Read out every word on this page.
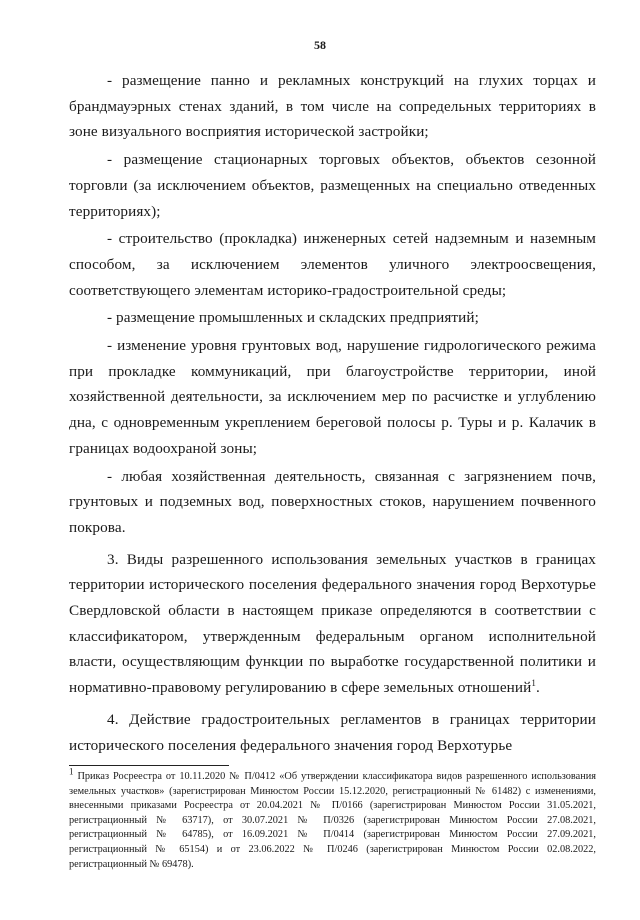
58

- размещение панно и рекламных конструкций на глухих торцах и брандмауэрных стенах зданий, в том числе на сопредельных территориях в зоне визуального восприятия исторической застройки;

- размещение стационарных торговых объектов, объектов сезонной торговли (за исключением объектов, размещенных на специально отведенных территориях);

- строительство (прокладка) инженерных сетей надземным и наземным способом, за исключением элементов уличного электроосвещения, соответствующего элементам историко-градостроительной среды;

- размещение промышленных и складских предприятий;

- изменение уровня грунтовых вод, нарушение гидрологического режима при прокладке коммуникаций, при благоустройстве территории, иной хозяйственной деятельности, за исключением мер по расчистке и углублению дна, с одновременным укреплением береговой полосы р. Туры и р. Калачик в границах водоохраной зоны;

- любая хозяйственная деятельность, связанная с загрязнением почв, грунтовых и подземных вод, поверхностных стоков, нарушением почвенного покрова.

3. Виды разрешенного использования земельных участков в границах территории исторического поселения федерального значения город Верхотурье Свердловской области в настоящем приказе определяются в соответствии с классификатором, утвержденным федеральным органом исполнительной власти, осуществляющим функции по выработке государственной политики и нормативно-правовому регулированию в сфере земельных отношений$^1$.

4. Действие градостроительных регламентов в границах территории исторического поселения федерального значения город Верхотурье

$^1$ Приказ Росреестра от 10.11.2020 № П/0412 «Об утверждении классификатора видов разрешенного использования земельных участков» (зарегистрирован Минюстом России 15.12.2020, регистрационный № 61482) с изменениями, внесенными приказами Росреестра от 20.04.2021 № П/0166 (зарегистрирован Минюстом России 31.05.2021, регистрационный № 63717), от 30.07.2021 № П/0326 (зарегистрирован Минюстом России 27.08.2021, регистрационный № 64785), от 16.09.2021 № П/0414 (зарегистрирован Минюстом России 27.09.2021, регистрационный № 65154) и от 23.06.2022 № П/0246 (зарегистрирован Минюстом России 02.08.2022, регистрационный № 69478).
